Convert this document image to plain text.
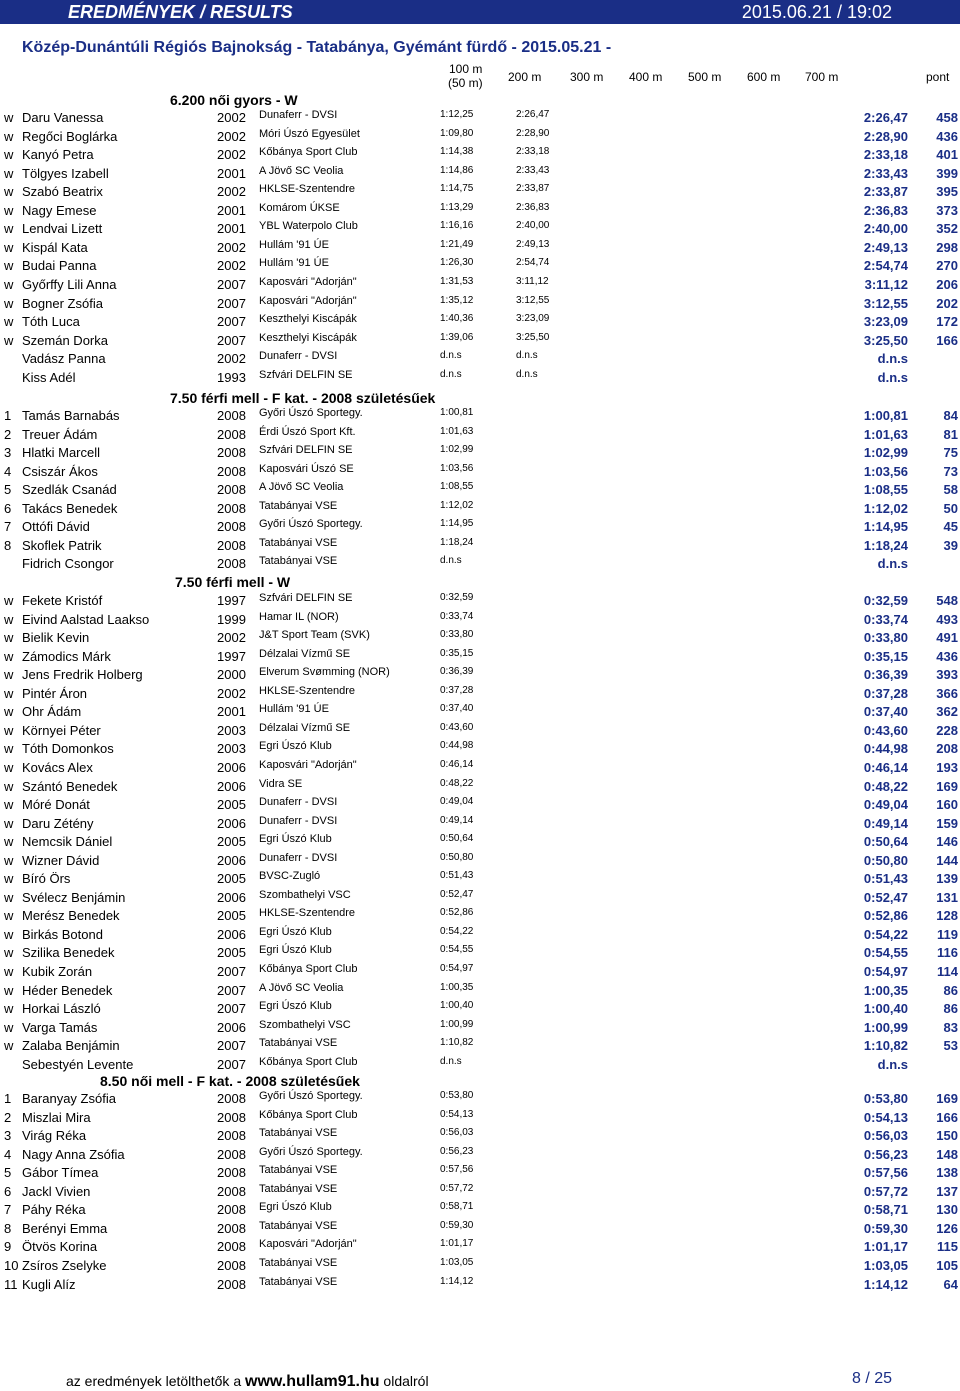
EREDMÉNYEK / RESULTS	2015.06.21 / 19:02
Közép-Dunántúli Régiós Bajnokság - Tatabánya, Gyémánt fürdő - 2015.05.21 -
100 m
(50 m) 200 m 300 m 400 m 500 m 600 m 700 m	pont
6.200 női gyors - W
w Daru Vanessa	2002 Dunaferr - DVSI	1:12,25	2:26,47	2:26,47 458
w Regőci Boglárka	2002 Móri Úszó Egyesület	1:09,80	2:28,90	2:28,90 436
w Kanyó Petra	2002 Kőbánya Sport Club	1:14,38	2:33,18	2:33,18 401
w Tölgyes Izabell	2001 A Jövő SC Veolia	1:14,86	2:33,43	2:33,43 399
w Szabó Beatrix	2002 HKLSE-Szentendre	1:14,75	2:33,87	2:33,87 395
w Nagy Emese	2001 Komárom ÚKSE	1:13,29	2:36,83	2:36,83 373
w Lendvai Lizett	2001 YBL Waterpolo Club	1:16,16	2:40,00	2:40,00 352
w Kispál Kata	2002 Hullám '91 ÚE	1:21,49	2:49,13	2:49,13 298
w Budai Panna	2002 Hullám '91 ÚE	1:26,30	2:54,74	2:54,74 270
w Győrffy Lili Anna	2007 Kaposvári "Adorján"	1:31,53	3:11,12	3:11,12 206
w Bogner Zsófia	2007 Kaposvári "Adorján"	1:35,12	3:12,55	3:12,55 202
w Tóth Luca	2007 Keszthelyi Kiscápák	1:40,36	3:23,09	3:23,09 172
w Szemán Dorka	2007 Keszthelyi Kiscápák	1:39,06	3:25,50	3:25,50 166
Vadász Panna	2002 Dunaferr - DVSI	d.n.s	d.n.s	d.n.s
Kiss Adél	1993 Szfvári DELFIN SE	d.n.s	d.n.s	d.n.s
7.50 férfi mell - F kat. - 2008 születésűek
1 Tamás Barnabás	2008 Győri Úszó Sportegy.	1:00,81	1:00,81	84
2 Treuer Ádám	2008 Érdi Úszó Sport Kft.	1:01,63	1:01,63	81
3 Hlatki Marcell	2008 Szfvári DELFIN SE	1:02,99	1:02,99	75
4 Csiszár Ákos	2008 Kaposvári Úszó SE	1:03,56	1:03,56	73
5 Szedlák Csanád	2008 A Jövő SC Veolia	1:08,55	1:08,55	58
6 Takács Benedek	2008 Tatabányai VSE	1:12,02	1:12,02	50
7 Ottófi Dávid	2008 Győri Úszó Sportegy.	1:14,95	1:14,95	45
8 Skoflek Patrik	2008 Tatabányai VSE	1:18,24	1:18,24	39
Fidrich Csongor	2008 Tatabányai VSE	d.n.s	d.n.s
7.50 férfi mell - W
w Fekete Kristóf	1997 Szfvári DELFIN SE	0:32,59	0:32,59 548
w Eivind Aalstad Laakso	1999 Hamar IL (NOR)	0:33,74	0:33,74 493
w Bielik Kevin	2002 J&T Sport Team (SVK)	0:33,80	0:33,80 491
w Zámodics Márk	1997 Délzalai Vízmű SE	0:35,15	0:35,15 436
w Jens Fredrik Holberg	2000 Elverum Svømming (NOR)	0:36,39	0:36,39 393
w Pintér Áron	2002 HKLSE-Szentendre	0:37,28	0:37,28 366
w Ohr Ádám	2001 Hullám '91 ÚE	0:37,40	0:37,40 362
w Környei Péter	2003 Délzalai Vízmű SE	0:43,60	0:43,60 228
w Tóth Domonkos	2003 Egri Úszó Klub	0:44,98	0:44,98 208
w Kovács Alex	2006 Kaposvári "Adorján"	0:46,14	0:46,14 193
w Szántó Benedek	2006 Vidra SE	0:48,22	0:48,22 169
w Móré Donát	2005 Dunaferr - DVSI	0:49,04	0:49,04 160
w Daru Zétény	2006 Dunaferr - DVSI	0:49,14	0:49,14 159
w Nemcsik Dániel	2005 Egri Úszó Klub	0:50,64	0:50,64 146
w Wizner Dávid	2006 Dunaferr - DVSI	0:50,80	0:50,80 144
w Bíró Örs	2005 BVSC-Zugló	0:51,43	0:51,43 139
w Svélecz Benjámin	2006 Szombathelyi VSC	0:52,47	0:52,47 131
w Merész Benedek	2005 HKLSE-Szentendre	0:52,86	0:52,86 128
w Birkás Botond	2006 Egri Úszó Klub	0:54,22	0:54,22 119
w Szilika Benedek	2005 Egri Úszó Klub	0:54,55	0:54,55 116
w Kubik Zorán	2007 Kőbánya Sport Club	0:54,97	0:54,97 114
w Héder Benedek	2007 A Jövő SC Veolia	1:00,35	1:00,35	86
w Horkai László	2007 Egri Úszó Klub	1:00,40	1:00,40	86
w Varga Tamás	2006 Szombathelyi VSC	1:00,99	1:00,99	83
w Zalaba Benjámin	2007 Tatabányai VSE	1:10,82	1:10,82	53
Sebestyén Levente	2007 Kőbánya Sport Club	d.n.s	d.n.s
8.50 női mell - F kat. - 2008 születésűek
1 Baranyay Zsófia	2008 Győri Úszó Sportegy.	0:53,80	0:53,80 169
2 Miszlai Mira	2008 Kőbánya Sport Club	0:54,13	0:54,13 166
3 Virág Réka	2008 Tatabányai VSE	0:56,03	0:56,03 150
4 Nagy Anna Zsófia	2008 Győri Úszó Sportegy.	0:56,23	0:56,23 148
5 Gábor Tímea	2008 Tatabányai VSE	0:57,56	0:57,56 138
6 Jackl Vivien	2008 Tatabányai VSE	0:57,72	0:57,72 137
7 Páhy Réka	2008 Egri Úszó Klub	0:58,71	0:58,71 130
8 Berényi Emma	2008 Tatabányai VSE	0:59,30	0:59,30 126
9 Ötvös Korina	2008 Kaposvári "Adorján"	1:01,17	1:01,17 115
10 Zsíros Zselyke	2008 Tatabányai VSE	1:03,05	1:03,05 105
11 Kugli Alíz	2008 Tatabányai VSE	1:14,12	1:14,12	64
az eredmények letölthetők a www.hullam91.hu oldalról	8 / 25
